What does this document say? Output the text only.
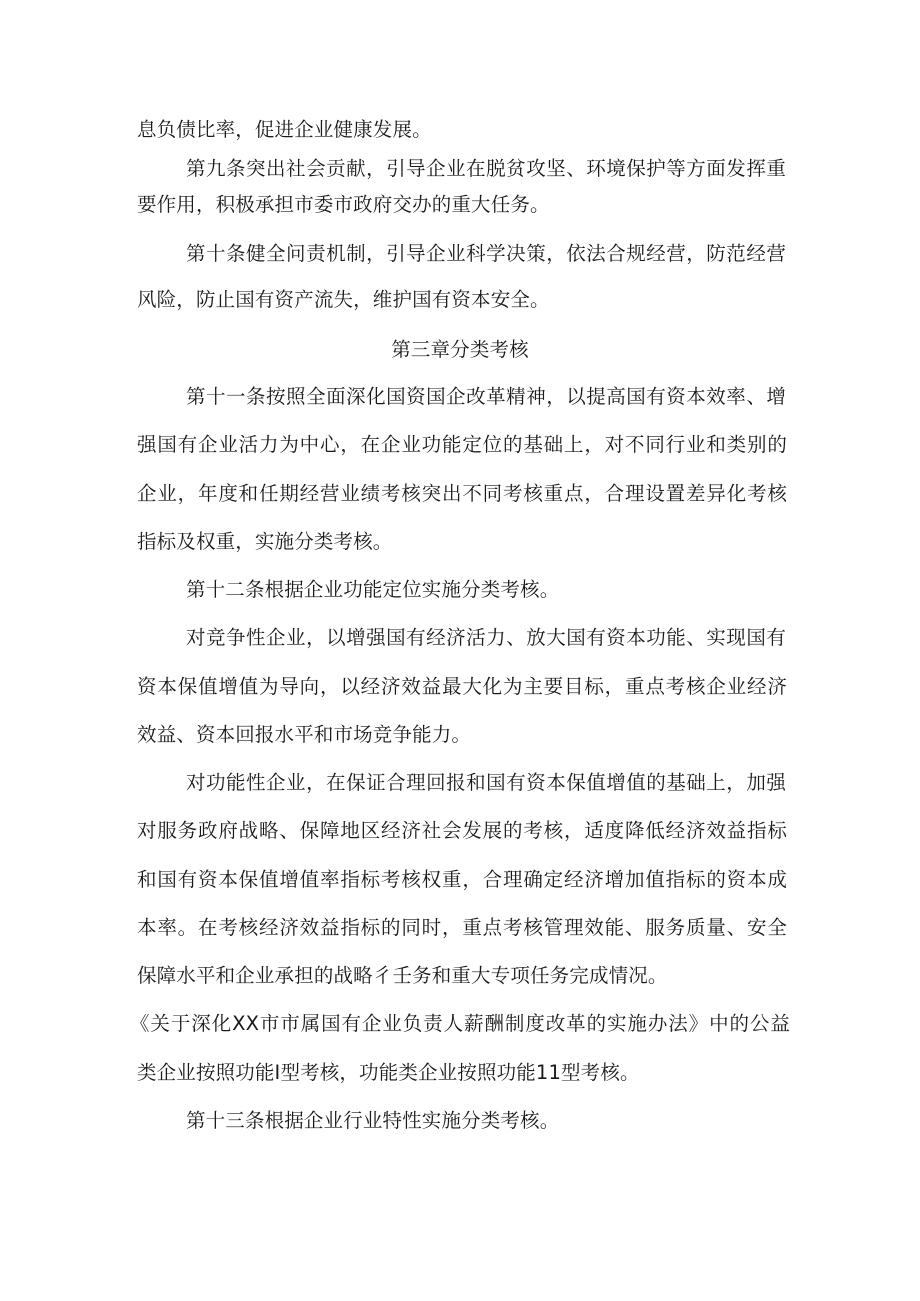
息负债比率，促进企业健康发展。
第九条突出社会贡献，引导企业在脱贫攻坚、环境保护等方面发挥重
要作用，积极承担市委市政府交办的重大任务。
第十条健全问责机制，引导企业科学决策，依法合规经营，防范经营
风险，防止国有资产流失，维护国有资本安全。
第三章分类考核
第十一条按照全面深化国资国企改革精神，以提高国有资本效率、增
强国有企业活力为中心，在企业功能定位的基础上，对不同行业和类别的
企业，年度和任期经营业绩考核突出不同考核重点，合理设置差异化考核
指标及权重，实施分类考核。
第十二条根据企业功能定位实施分类考核。
对竞争性企业，以增强国有经济活力、放大国有资本功能、实现国有
资本保值增值为导向，以经济效益最大化为主要目标，重点考核企业经济
效益、资本回报水平和市场竞争能力。
对功能性企业，在保证合理回报和国有资本保值增值的基础上，加强
对服务政府战略、保障地区经济社会发展的考核，适度降低经济效益指标
和国有资本保值增值率指标考核权重，合理确定经济增加值指标的资本成
本率。在考核经济效益指标的同时，重点考核管理效能、服务质量、安全
保障水平和企业承担的战略彳壬务和重大专项任务完成情况。
《关于深化XX市市属国有企业负责人薪酬制度改革的实施办法》中的公益
类企业按照功能Ⅰ型考核，功能类企业按照功能11型考核。
第十三条根据企业行业特性实施分类考核。
